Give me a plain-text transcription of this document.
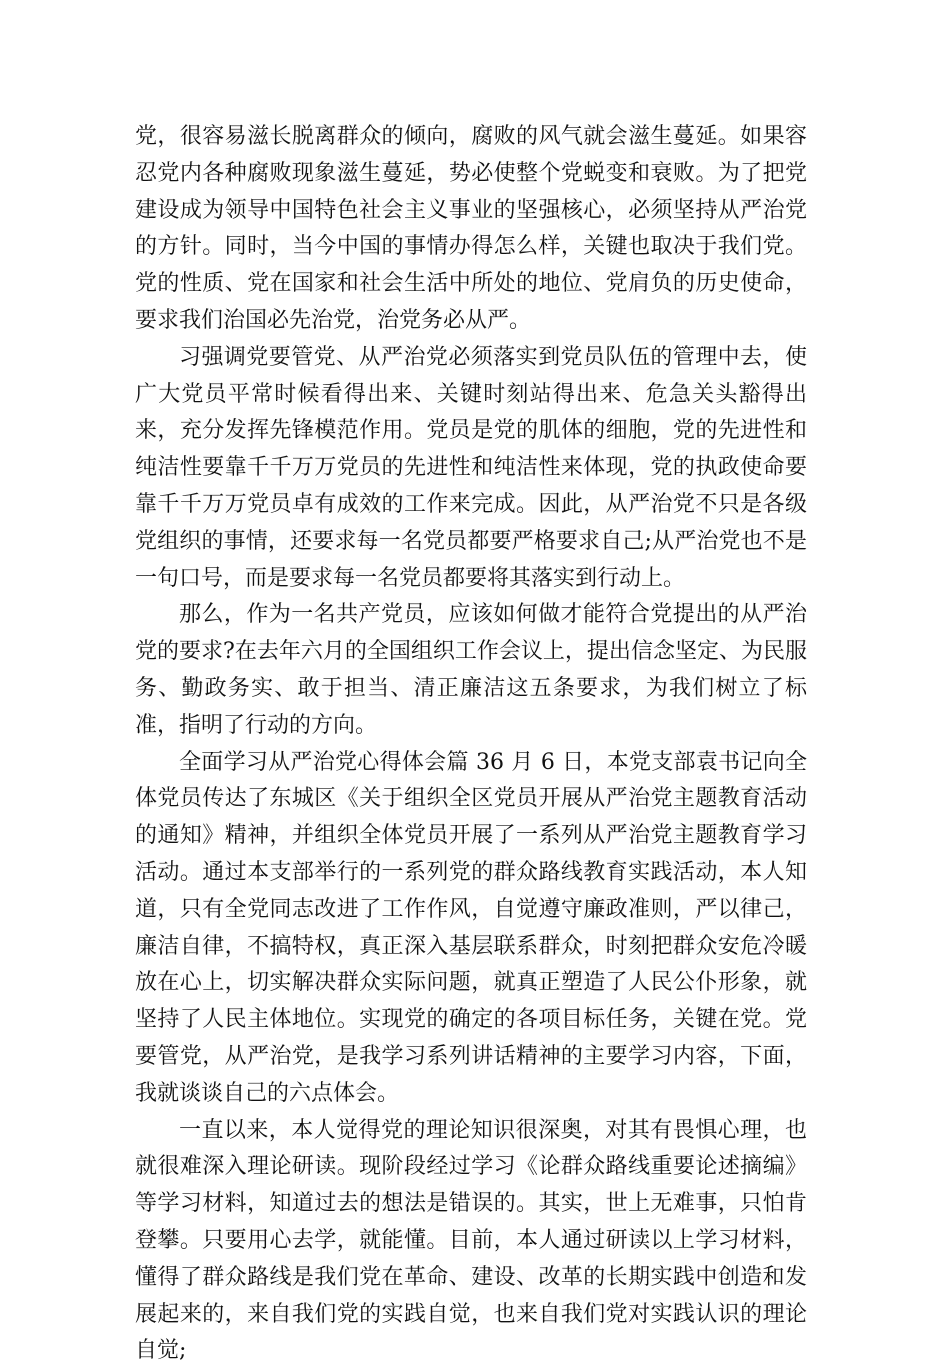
党，很容易滋长脱离群众的倾向，腐败的风气就会滋生蔓延。如果容忍党内各种腐败现象滋生蔓延，势必使整个党蜕变和衰败。为了把党建设成为领导中国特色社会主义事业的坚强核心，必须坚持从严治党的方针。同时，当今中国的事情办得怎么样，关键也取决于我们党。党的性质、党在国家和社会生活中所处的地位、党肩负的历史使命，要求我们治国必先治党，治党务必从严。

习强调党要管党、从严治党必须落实到党员队伍的管理中去，使广大党员平常时候看得出来、关键时刻站得出来、危急关头豁得出来，充分发挥先锋模范作用。党员是党的肌体的细胞，党的先进性和纯洁性要靠千千万万党员的先进性和纯洁性来体现，党的执政使命要靠千千万万党员卓有成效的工作来完成。因此，从严治党不只是各级党组织的事情，还要求每一名党员都要严格要求自己;从严治党也不是一句口号，而是要求每一名党员都要将其落实到行动上。

那么，作为一名共产党员，应该如何做才能符合党提出的从严治党的要求?在去年六月的全国组织工作会议上，提出信念坚定、为民服务、勤政务实、敢于担当、清正廉洁这五条要求，为我们树立了标准，指明了行动的方向。

全面学习从严治党心得体会篇 36 月 6 日，本党支部袁书记向全体党员传达了东城区《关于组织全区党员开展从严治党主题教育活动的通知》精神，并组织全体党员开展了一系列从严治党主题教育学习活动。通过本支部举行的一系列党的群众路线教育实践活动，本人知道，只有全党同志改进了工作作风，自觉遵守廉政准则，严以律己，廉洁自律，不搞特权，真正深入基层联系群众，时刻把群众安危冷暖放在心上，切实解决群众实际问题，就真正塑造了人民公仆形象，就坚持了人民主体地位。实现党的确定的各项目标任务，关键在党。党要管党，从严治党，是我学习系列讲话精神的主要学习内容，下面，我就谈谈自己的六点体会。

一直以来，本人觉得党的理论知识很深奥，对其有畏惧心理，也就很难深入理论研读。现阶段经过学习《论群众路线重要论述摘编》等学习材料，知道过去的想法是错误的。其实，世上无难事，只怕肯登攀。只要用心去学，就能懂。目前，本人通过研读以上学习材料，懂得了群众路线是我们党在革命、建设、改革的长期实践中创造和发展起来的，来自我们党的实践自觉，也来自我们党对实践认识的理论自觉;
